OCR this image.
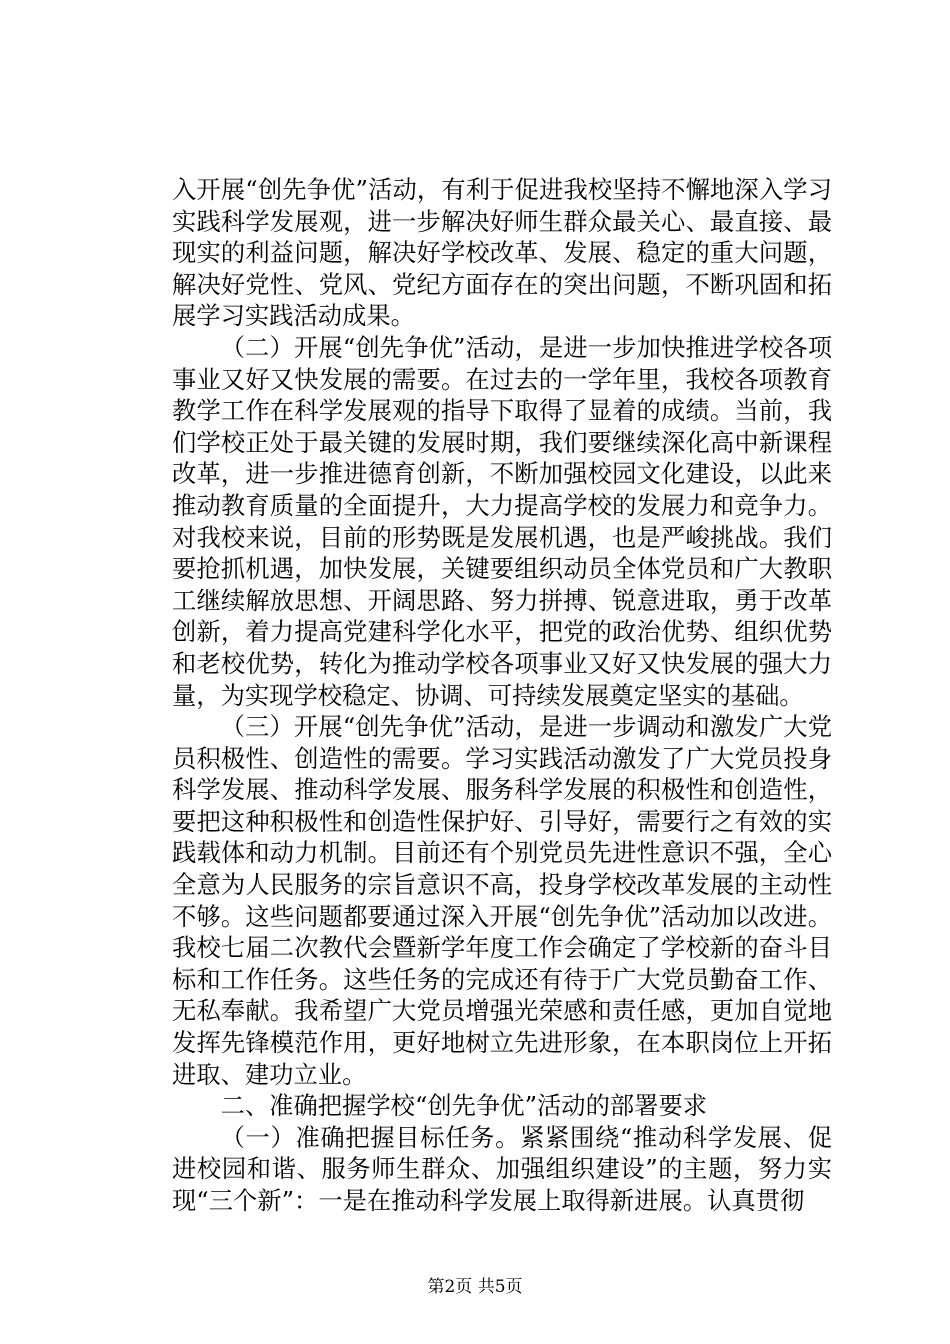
入开展“创先争优”活动，有利于促进我校坚持不懈地深入学习实践科学发展观，进一步解决好师生群众最关心、最直接、最现实的利益问题，解决好学校改革、发展、稳定的重大问题，解决好党性、党风、党纪方面存在的突出问题，不断巩固和拓展学习实践活动成果。

（二）开展“创先争优”活动，是进一步加快推进学校各项事业又好又快发展的需要。在过去的一学年里，我校各项教育教学工作在科学发展观的指导下取得了显着的成绩。当前，我们学校正处于最关键的发展时期，我们要继续深化高中新课程改革，进一步推进德育创新，不断加强校园文化建设，以此来推动教育质量的全面提升，大力提高学校的发展力和竞争力。对我校来说，目前的形势既是发展机遇，也是严峻挑战。我们要抢抓机遇，加快发展，关键要组织动员全体党员和广大教职工继续解放思想、开阔思路、努力拼搏、锐意进取，勇于改革创新，着力提高党建科学化水平，把党的政治优势、组织优势和老校优势，转化为推动学校各项事业又好又快发展的强大力量，为实现学校稳定、协调、可持续发展奠定坚实的基础。

（三）开展“创先争优”活动，是进一步调动和激发广大党员积极性、创造性的需要。学习实践活动激发了广大党员投身科学发展、推动科学发展、服务科学发展的积极性和创造性，要把这种积极性和创造性保护好、引导好，需要行之有效的实践载体和动力机制。目前还有个别党员先进性意识不强，全心全意为人民服务的宗旨意识不高，投身学校改革发展的主动性不够。这些问题都要通过深入开展“创先争优”活动加以改进。我校七届二次教代会暨新学年度工作会确定了学校新的奋斗目标和工作任务。这些任务的完成还有待于广大党员勤奋工作、无私奉献。我希望广大党员增强光荣感和责任感，更加自觉地发挥先锋模范作用，更好地树立先进形象，在本职岗位上开拓进取、建功立业。

二、准确把握学校“创先争优”活动的部署要求

（一）准确把握目标任务。紧紧围绕“推动科学发展、促进校园和谐、服务师生群众、加强组织建设”的主题，努力实现“三个新”：一是在推动科学发展上取得新进展。认真贯彻

第2页 共5页
